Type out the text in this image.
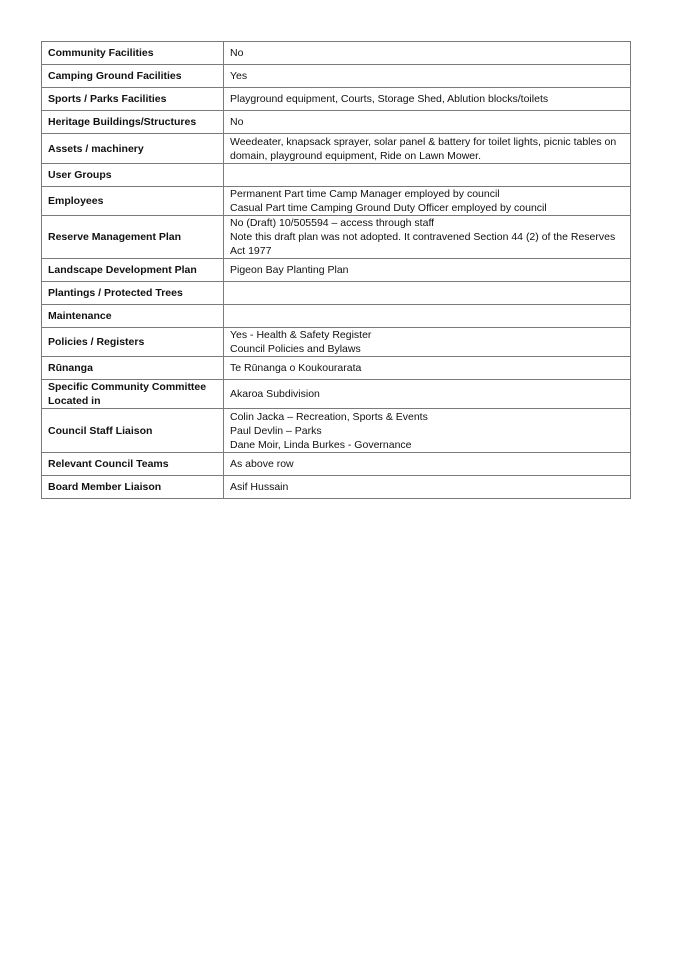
Community Facilities	No

Camping Ground Facilities	Yes

Sports / Parks Facilities	Playground equipment, Courts, Storage Shed, Ablution blocks/toilets

Heritage Buildings/Structures	No

Assets / machinery	Weedeater, knapsack sprayer, solar panel & battery for toilet lights, picnic tables on
domain, playground equipment, Ride on Lawn Mower.

User Groups	
Employees	Permanent Part time Camp Manager employed by council
Casual Part time Camping Ground Duty Officer employed by council

Reserve Management Plan	No (Draft) 10/505594 – access through staff
Note this draft plan was not adopted. It contravened Section 44 (2) of the Reserves
Act 1977

Landscape Development Plan	Pigeon Bay Planting Plan

Plantings / Protected Trees	
Maintenance	
Policies / Registers	Yes - Health & Safety Register
Council Policies and Bylaws

Rūnanga	Te Rūnanga o Koukourarata

Specific Community Committee Located in	Akaroa Subdivision

Council Staff Liaison	Colin Jacka – Recreation, Sports & Events
Paul Devlin – Parks
Dane Moir, Linda Burkes - Governance

Relevant Council Teams	As above row

Board Member Liaison	Asif Hussain
